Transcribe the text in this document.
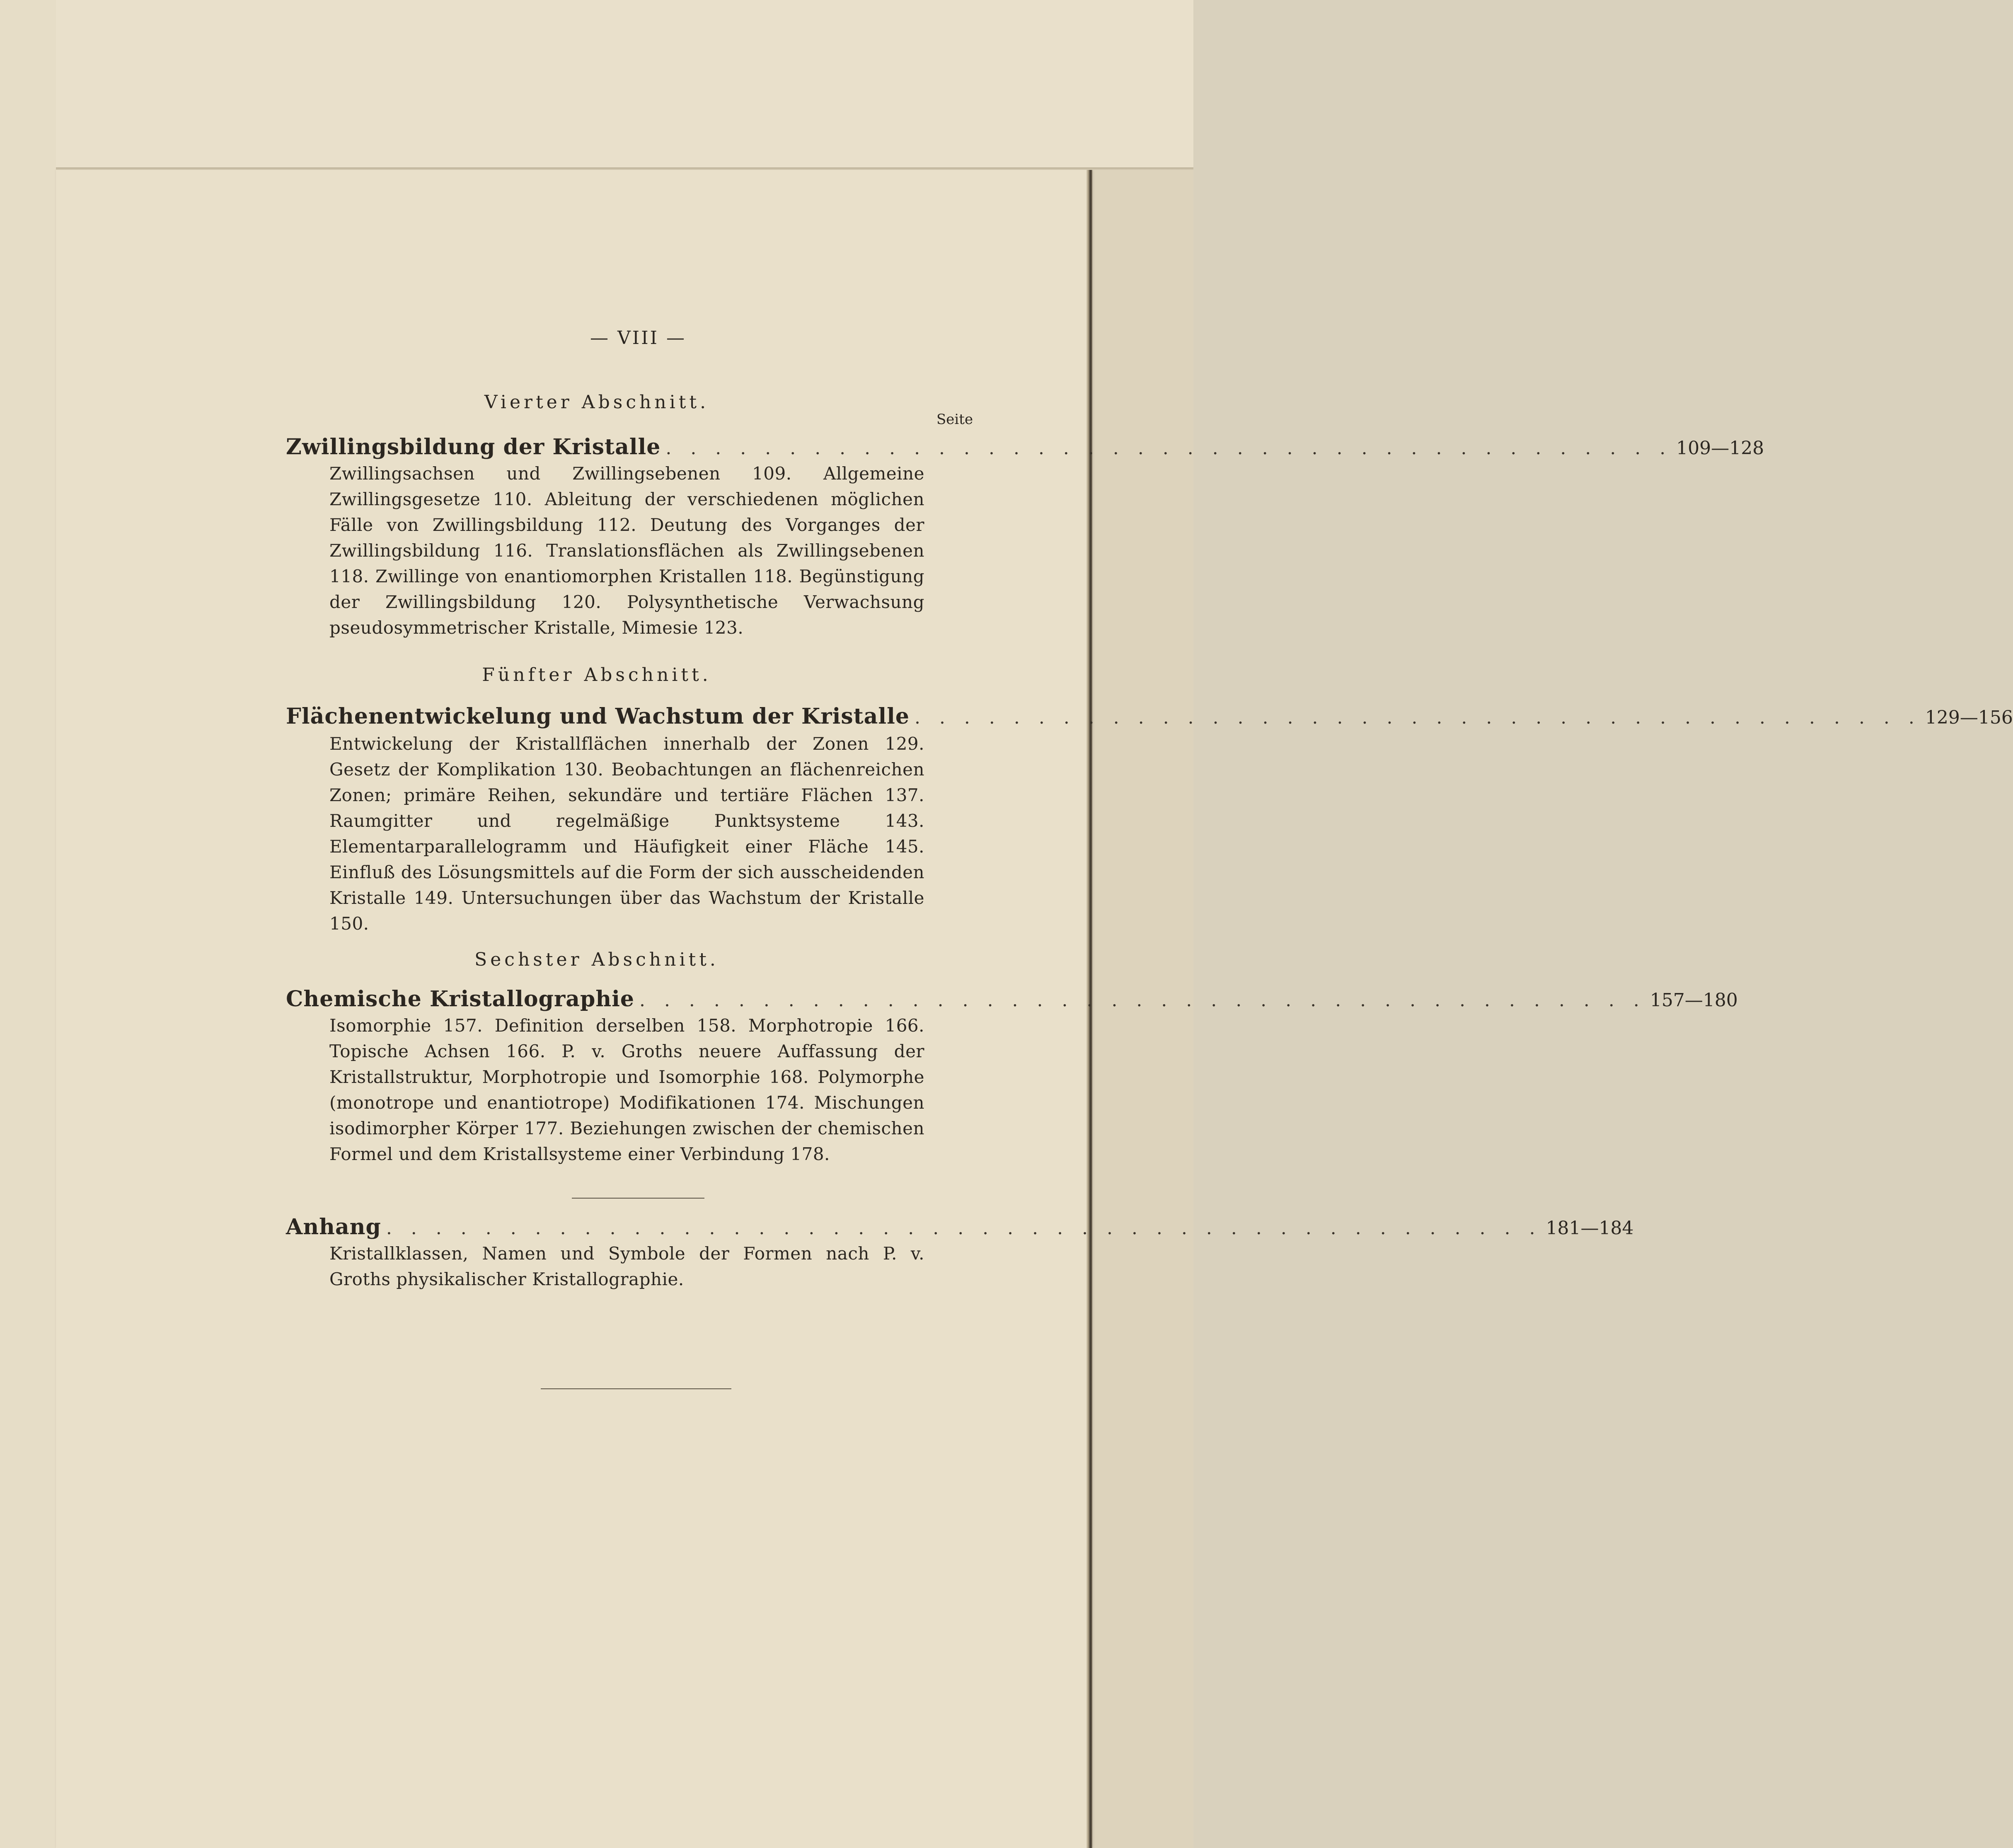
— VIII —
Vierter Abschnitt.
Seite
Zwillingsbildung der Kristalle . . . . . . . . . . . . . . . . . . . . . . . . . . . . . . . . . . . . . . . . . 109—128
Zwillingsachsen und Zwillingsebenen 109. Allgemeine Zwillingsgesetze 110. Ableitung der verschiedenen möglichen Fälle von Zwillingsbildung 112. Deutung des Vorganges der Zwillingsbildung 116. Translationsflächen als Zwillingsebenen 118. Zwillinge von enantiomorphen Kristallen 118. Begünstigung der Zwillingsbildung 120. Polysynthetische Verwachsung pseudosymmetrischer Kristalle, Mimesie 123.
Fünfter Abschnitt.
Flächenentwickelung und Wachstum der Kristalle . . . . . . . . . . . . . . . . . . . . . . . . . . . . . . . . . . . . . . . . . 129—156
Entwickelung der Kristallflächen innerhalb der Zonen 129. Gesetz der Komplikation 130. Beobachtungen an flächenreichen Zonen; primäre Reihen, sekundäre und tertiäre Flächen 137. Raumgitter und regelmäßige Punktsysteme 143. Elementarparallelogramm und Häufigkeit einer Fläche 145. Einfluß des Lösungsmittels auf die Form der sich ausscheidenden Kristalle 149. Untersuchungen über das Wachstum der Kristalle 150.
Sechster Abschnitt.
Chemische Kristallographie . . . . . . . . . . . . . . . . . . . . . . . . . . . . . . . . . . . . . . . . . 157—180
Isomorphie 157. Definition derselben 158. Morphotropie 166. Topische Achsen 166. P. v. Groths neuere Auffassung der Kristallstruktur, Morphotropie und Isomorphie 168. Polymorphe (monotrope und enantiotrope) Modifikationen 174. Mischungen isodimorpher Körper 177. Beziehungen zwischen der chemischen Formel und dem Kristallsysteme einer Verbindung 178.
Anhang . . . . . . . . . . . . . . . . . . . . . . . . . . . . . . . . . . . . . . . . . . . . . . . 181—184
Kristallklassen, Namen und Symbole der Formen nach P. v. Groths physikalischer Kristallographie.
